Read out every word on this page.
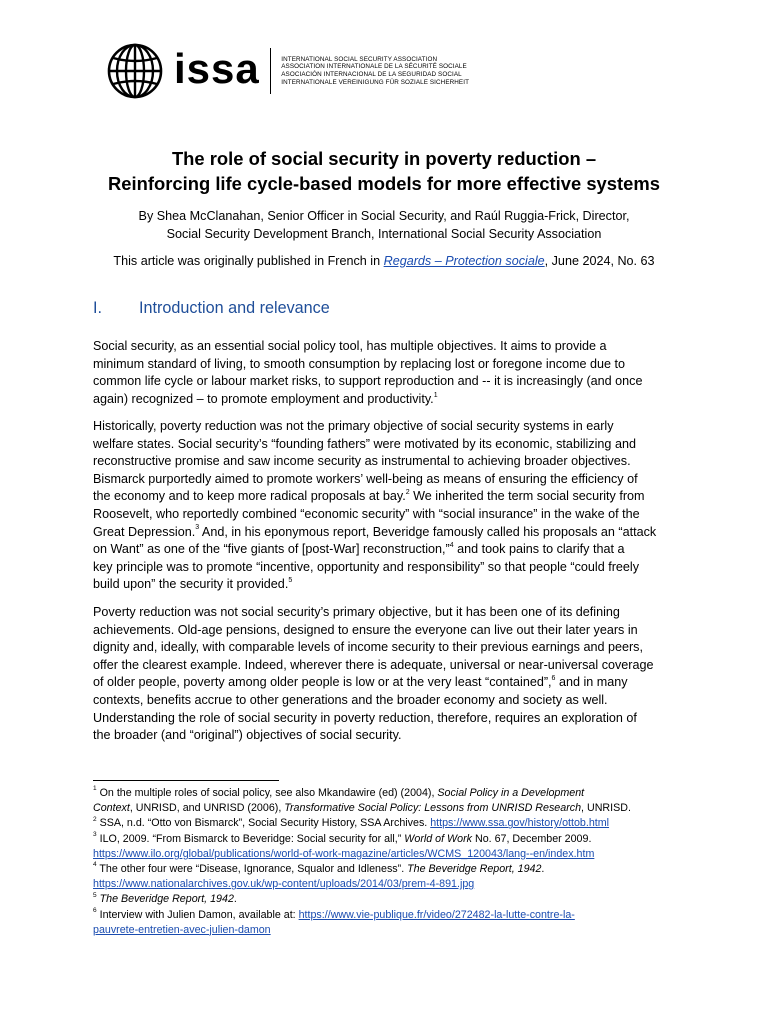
issa	INTERNATIONAL SOCIAL SECURITY ASSOCIATION
ASSOCIATION INTERNATIONALE DE LA SÉCURITÉ SOCIALE
ASOCIACIÓN INTERNACIONAL DE LA SEGURIDAD SOCIAL
INTERNATIONALE VEREINIGUNG FÜR SOZIALE SICHERHEIT
The role of social security in poverty reduction –
Reinforcing life cycle-based models for more effective systems
By Shea McClanahan, Senior Officer in Social Security, and Raúl Ruggia-Frick, Director,
Social Security Development Branch, International Social Security Association
This article was originally published in French in Regards – Protection sociale, June 2024, No. 63
I. Introduction and relevance

Social security, as an essential social policy tool, has multiple objectives. It aims to provide a

minimum standard of living, to smooth consumption by replacing lost or foregone income due to

common life cycle or labour market risks, to support reproduction and -- it is increasingly (and once

again) recognized – to promote employment and productivity.$^1$

Historically, poverty reduction was not the primary objective of social security systems in early

welfare states. Social security’s “founding fathers” were motivated by its economic, stabilizing and

reconstructive promise and saw income security as instrumental to achieving broader objectives.

Bismarck purportedly aimed to promote workers’ well-being as means of ensuring the efficiency of

the economy and to keep more radical proposals at bay.$^2$ We inherited the term social security from

Roosevelt, who reportedly combined “economic security” with “social insurance” in the wake of the

Great Depression.$^3$ And, in his eponymous report, Beveridge famously called his proposals an “attack

on Want” as one of the “five giants of [post-War] reconstruction,”$^4$ and took pains to clarify that a

key principle was to promote “incentive, opportunity and responsibility” so that people “could freely

build upon” the security it provided.$^5$

Poverty reduction was not social security’s primary objective, but it has been one of its defining

achievements. Old-age pensions, designed to ensure the everyone can live out their later years in

dignity and, ideally, with comparable levels of income security to their previous earnings and peers,

offer the clearest example. Indeed, wherever there is adequate, universal or near-universal coverage

of older people, poverty among older people is low or at the very least “contained”,$^6$ and in many

contexts, benefits accrue to other generations and the broader economy and society as well.

Understanding the role of social security in poverty reduction, therefore, requires an exploration of

the broader (and “original”) objectives of social security.

$^1$ On the multiple roles of social policy, see also Mkandawire (ed) (2004), Social Policy in a Development
Context, UNRISD, and UNRISD (2006), Transformative Social Policy: Lessons from UNRISD Research, UNRISD.
$^2$ SSA, n.d. “Otto von Bismarck”, Social Security History, SSA Archives. https://www.ssa.gov/history/ottob.html
$^3$ ILO, 2009. “From Bismarck to Beveridge: Social security for all,” World of Work No. 67, December 2009.
https://www.ilo.org/global/publications/world-of-work-magazine/articles/WCMS_120043/lang--en/index.htm
$^4$ The other four were “Disease, Ignorance, Squalor and Idleness”. The Beveridge Report, 1942.
https://www.nationalarchives.gov.uk/wp-content/uploads/2014/03/prem-4-891.jpg
$^5$ The Beveridge Report, 1942.
$^6$ Interview with Julien Damon, available at: https://www.vie-publique.fr/video/272482-la-lutte-contre-la-
pauvrete-entretien-avec-julien-damon
